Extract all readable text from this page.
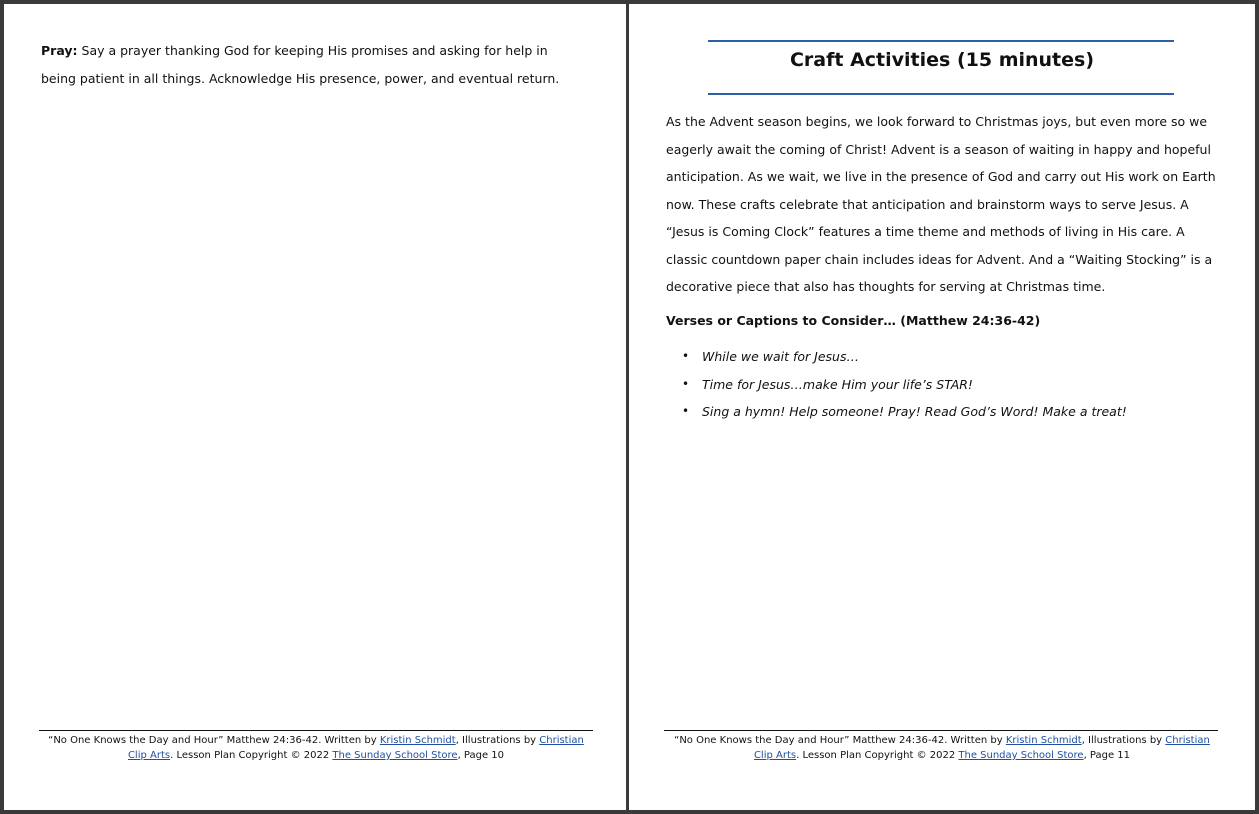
Pray: Say a prayer thanking God for keeping His promises and asking for help in being patient in all things. Acknowledge His presence, power, and eventual return.

“No One Knows the Day and Hour” Matthew 24:36-42. Written by Kristin Schmidt, Illustrations by Christian Clip Arts. Lesson Plan Copyright © 2022 The Sunday School Store, Page 10
Craft Activities (15 minutes)

As the Advent season begins, we look forward to Christmas joys, but even more so we eagerly await the coming of Christ! Advent is a season of waiting in happy and hopeful anticipation. As we wait, we live in the presence of God and carry out His work on Earth now. These crafts celebrate that anticipation and brainstorm ways to serve Jesus. A “Jesus is Coming Clock” features a time theme and methods of living in His care. A classic countdown paper chain includes ideas for Advent. And a “Waiting Stocking” is a decorative piece that also has thoughts for serving at Christmas time.

Verses or Captions to Consider… (Matthew 24:36-42)
• While we wait for Jesus…
• Time for Jesus…make Him your life’s STAR!
• Sing a hymn! Help someone! Pray! Read God’s Word! Make a treat!
“No One Knows the Day and Hour” Matthew 24:36-42. Written by Kristin Schmidt, Illustrations by Christian Clip Arts. Lesson Plan Copyright © 2022 The Sunday School Store, Page 11
